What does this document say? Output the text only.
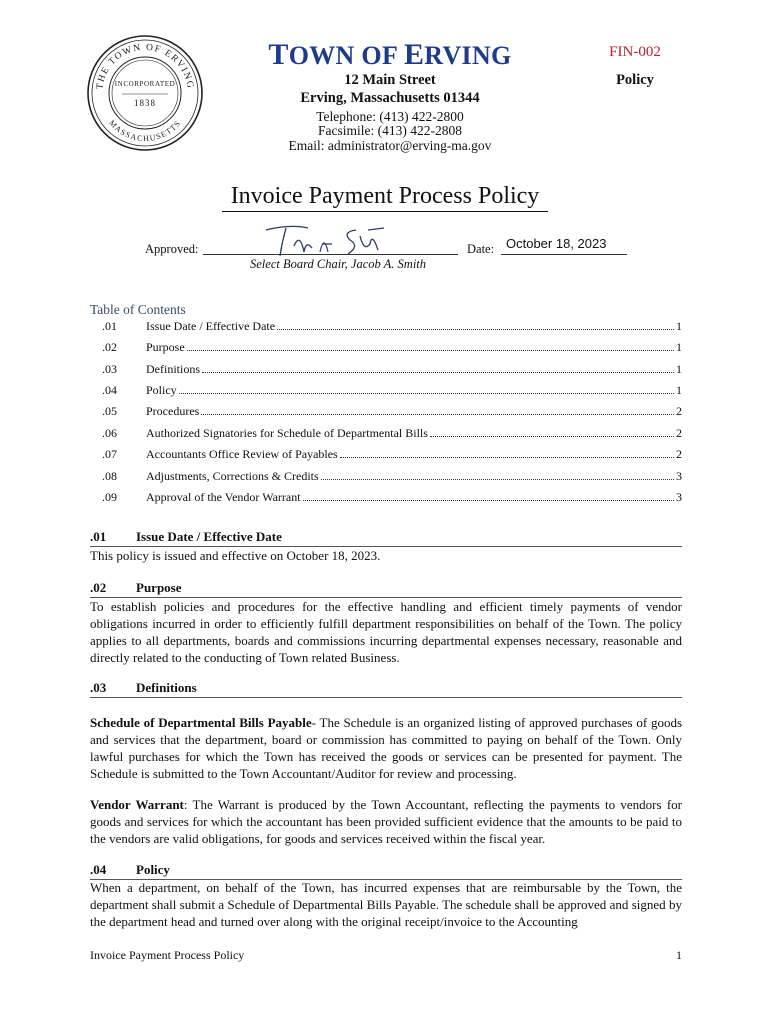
THE TOWN OF ERVING
MASSACHUSETTS
INCORPORATED
1838
TOWN OF ERVING
12 Main Street
Erving, Massachusetts 01344
Telephone: (413) 422-2800
Facsimile: (413) 422-2808
Email: administrator@erving-ma.gov
FIN-002
Policy
Invoice Payment Process Policy
Approved:
Select Board Chair, Jacob A. Smith
Date: October 18, 2023
Table of Contents
.01	Issue Date / Effective Date	1
.02	Purpose	1
.03	Definitions	1
.04	Policy	1
.05	Procedures	2
.06	Authorized Signatories for Schedule of Departmental Bills	2
.07	Accountants Office Review of Payables	2
.08	Adjustments, Corrections & Credits	3
.09	Approval of the Vendor Warrant	3
.01 Issue Date / Effective Date
This policy is issued and effective on October 18, 2023.
.02 Purpose
To establish policies and procedures for the effective handling and efficient timely payments of vendor obligations incurred in order to efficiently fulfill department responsibilities on behalf of the Town. The policy applies to all departments, boards and commissions incurring departmental expenses necessary, reasonable and directly related to the conducting of Town related Business.
.03 Definitions
Schedule of Departmental Bills Payable- The Schedule is an organized listing of approved purchases of goods and services that the department, board or commission has committed to paying on behalf of the Town. Only lawful purchases for which the Town has received the goods or services can be presented for payment. The Schedule is submitted to the Town Accountant/Auditor for review and processing.
Vendor Warrant: The Warrant is produced by the Town Accountant, reflecting the payments to vendors for goods and services for which the accountant has been provided sufficient evidence that the amounts to be paid to the vendors are valid obligations, for goods and services received within the fiscal year.
.04 Policy
When a department, on behalf of the Town, has incurred expenses that are reimbursable by the Town, the department shall submit a Schedule of Departmental Bills Payable. The schedule shall be approved and signed by the department head and turned over along with the original receipt/invoice to the Accounting
Invoice Payment Process Policy	1
